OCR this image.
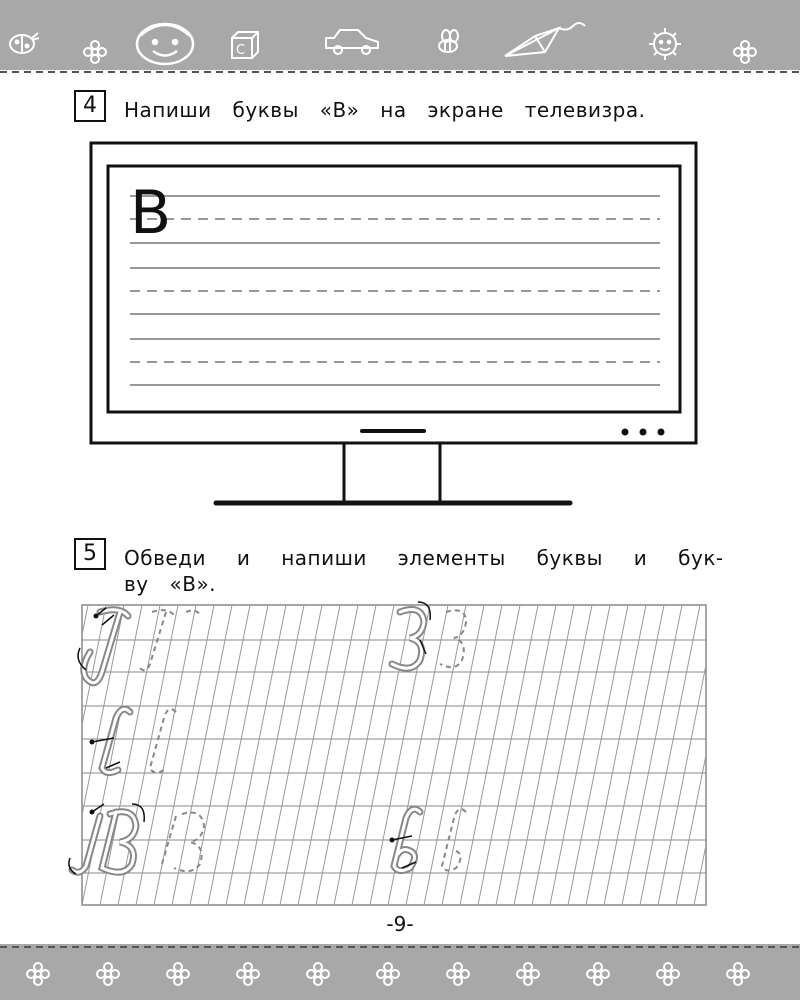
C
4	Напиши буквы «В» на экране телевизра.
В
5	Обведи и напиши элементы буквы и бук-
ву «В».
-9-
